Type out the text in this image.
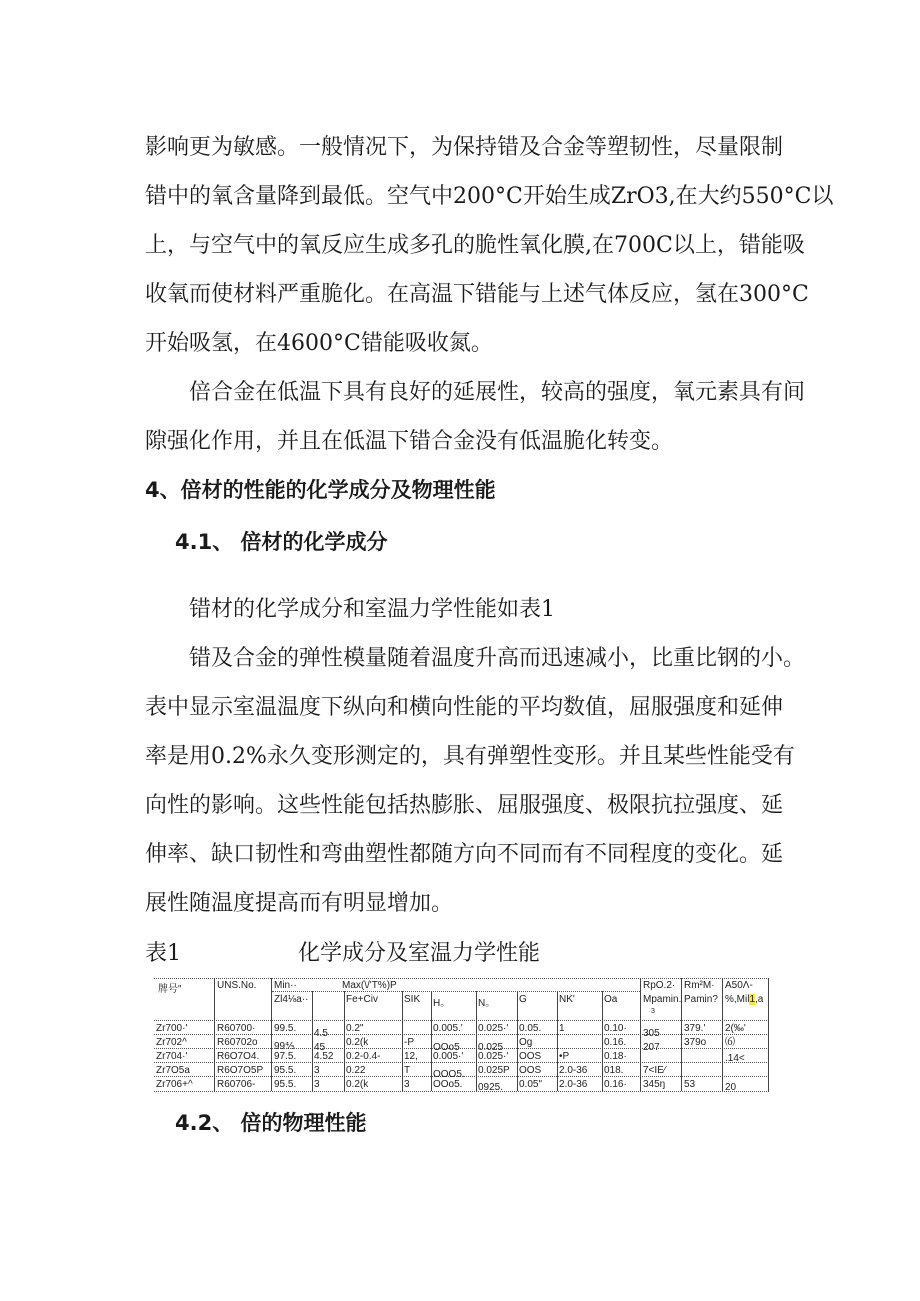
影响更为敏感。一般情况下，为保持错及合金等塑韧性，尽量限制
错中的氧含量降到最低。空气中200°C开始生成ZrO3,在大约550°C以
上，与空气中的氧反应生成多孔的脆性氧化膜,在700C以上，错能吸
收氧而使材料严重脆化。在高温下错能与上述气体反应，氢在300°C
开始吸氢，在4600°C错能吸收氮。
倍合金在低温下具有良好的延展性，较高的强度，氧元素具有间
隙强化作用，并且在低温下错合金没有低温脆化转变。
4、倍材的性能的化学成分及物理性能
4.1、 倍材的化学成分
错材的化学成分和室温力学性能如表1
错及合金的弹性模量随着温度升高而迅速减小，比重比钢的小。
表中显示室温温度下纵向和横向性能的平均数值，屈服强度和延伸
率是用0.2%永久变形测定的，具有弹塑性变形。并且某些性能受有
向性的影响。这些性能包括热膨胀、屈服强度、极限抗拉强度、延
伸率、缺口韧性和弯曲塑性都随方向不同而有不同程度的变化。延
展性随温度提高而有明显增加。
表1	化学成分及室温力学性能
牌号"	UNS.No. Min··	Max(\/'T%)P	RpO.2· Rm²M· A50Λ-
Zl4⅛a··	Fe+Civ	SIK H。	N。 G	NK'	Oa	Mpamin. Pamin? %,Mil1,a
∙3
Zr700·'	R60700· 99.5. 4.5 0.2"	0.005.' 0.025·' 0.05. 1	0.10· 305 379.' 2(‰'
Zr702^	R60702o 99⅘ 45 0.2(k	-P OOo5 0.025 Og	0.16. 207 379o ⑹
Zr704·'	R6O7O4. 97.5. 4.52 0.2-0.4- 12, 0.005·' 0.025·' OOS •P	0.18·	.14<
Zr7O5a	R6O7O5P 95.5. 3	0.22	T OOO5. 0.025P OOS 2.0-36 018. 7<IE⁄
Zr706+^ R60706- 95.5. 3	0.2(k	3 OOo5. 0925. 0.05" 2.0-36 0.16· 345ŋ 53	20
4.2、 倍的物理性能
